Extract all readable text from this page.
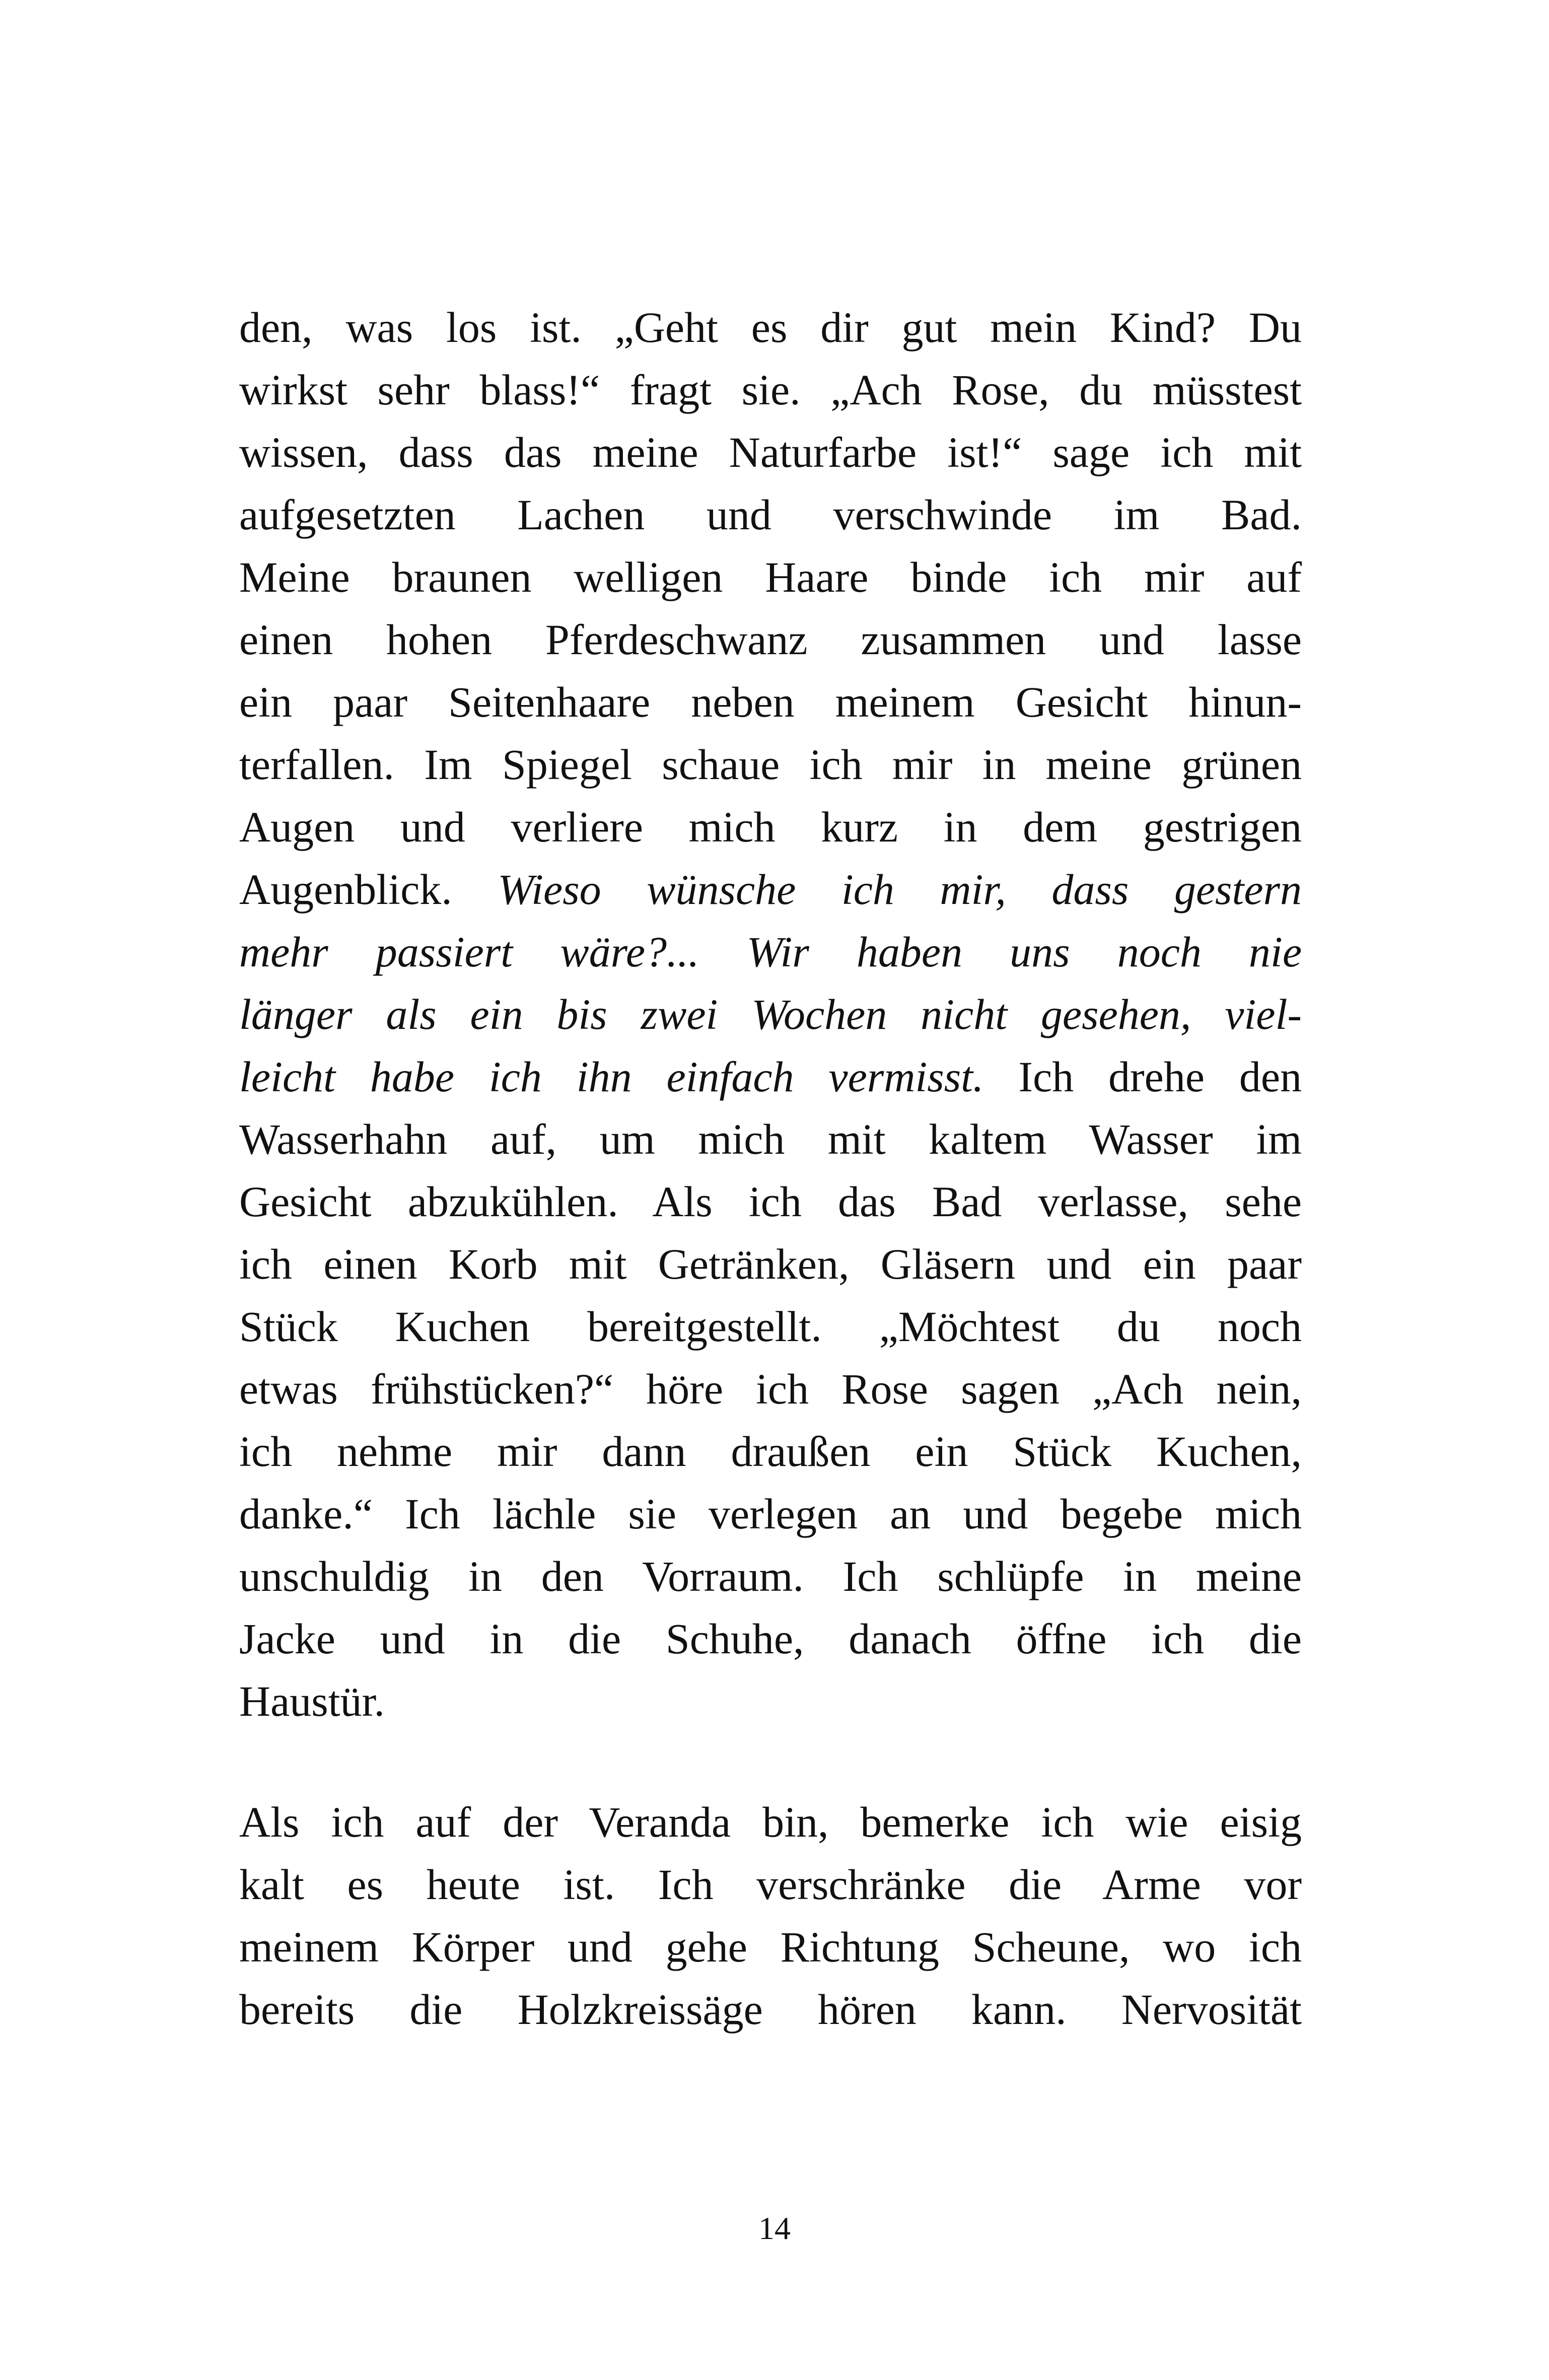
den, was los ist. „Geht es dir gut mein Kind? Du
wirkst sehr blass!“ fragt sie. „Ach Rose, du müsstest
wissen, dass das meine Naturfarbe ist!“ sage ich mit
aufgesetzten Lachen und verschwinde im Bad.
Meine braunen welligen Haare binde ich mir auf
einen hohen Pferdeschwanz zusammen und lasse
ein paar Seitenhaare neben meinem Gesicht hinun-
terfallen. Im Spiegel schaue ich mir in meine grünen
Augen und verliere mich kurz in dem gestrigen
Augenblick. Wieso wünsche ich mir, dass gestern
mehr passiert wäre?... Wir haben uns noch nie
länger als ein bis zwei Wochen nicht gesehen, viel-
leicht habe ich ihn einfach vermisst. Ich drehe den
Wasserhahn auf, um mich mit kaltem Wasser im
Gesicht abzukühlen. Als ich das Bad verlasse, sehe
ich einen Korb mit Getränken, Gläsern und ein paar
Stück Kuchen bereitgestellt. „Möchtest du noch
etwas frühstücken?“ höre ich Rose sagen „Ach nein,
ich nehme mir dann draußen ein Stück Kuchen,
danke.“ Ich lächle sie verlegen an und begebe mich
unschuldig in den Vorraum. Ich schlüpfe in meine
Jacke und in die Schuhe, danach öffne ich die
Haustür.
Als ich auf der Veranda bin, bemerke ich wie eisig
kalt es heute ist. Ich verschränke die Arme vor
meinem Körper und gehe Richtung Scheune, wo ich
bereits die Holzkreissäge hören kann. Nervosität
14
